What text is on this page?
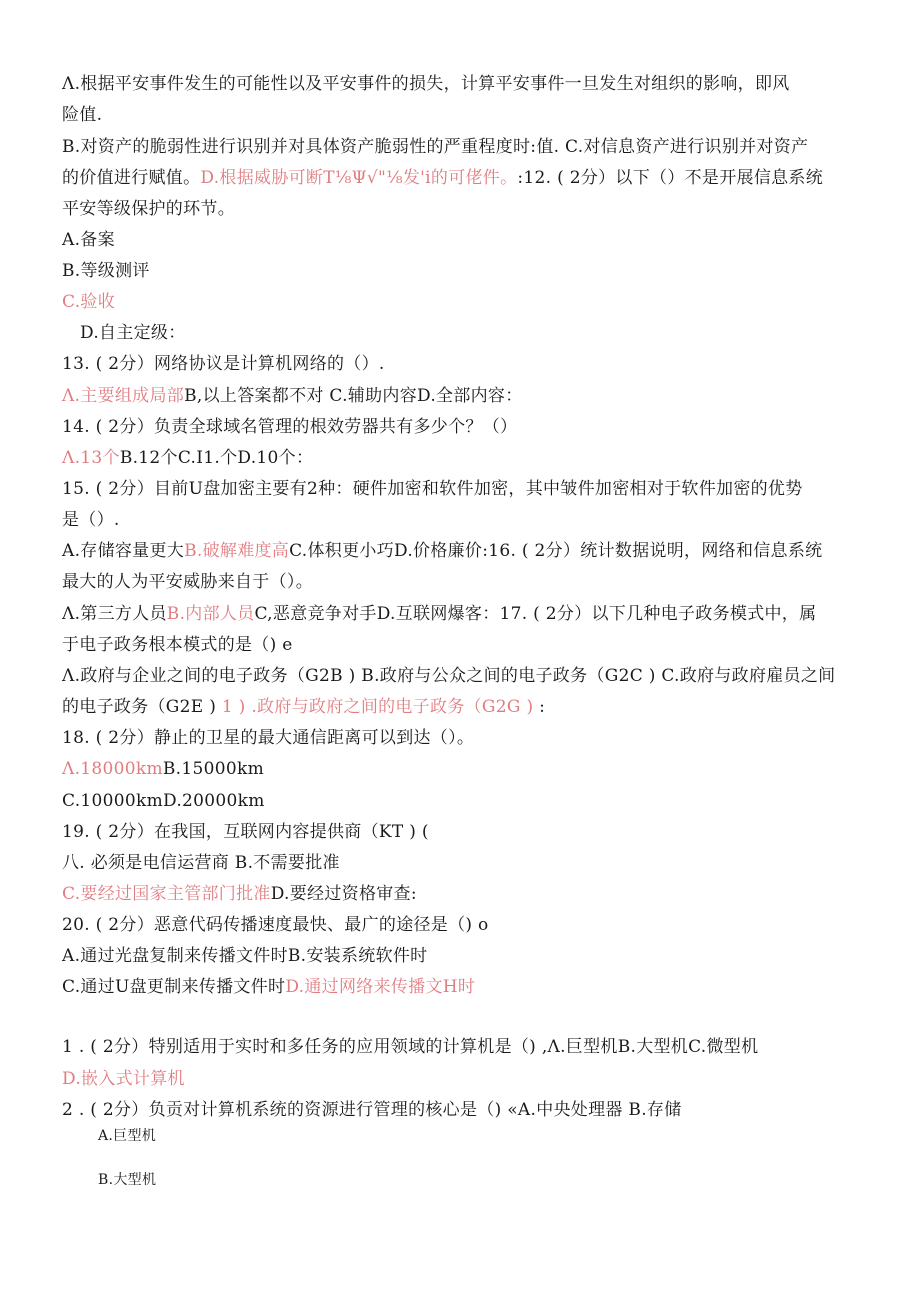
Λ.根据平安事件发生的可能性以及平安事件的损失，计算平安事件一旦发生对组织的影响，即风
险值.
B.对资产的脆弱性进行识别并对具体资产脆弱性的严重程度时:值. C.对信息资产进行识别并对资产
的价值进行赋值。D.根据威胁可断T⅛Ψ√"⅛发'i的可佬件。:12. ( 2分）以下（）不是开展信息系统
平安等级保护的环节。
A.备案
B.等级测评
C.验收
D.自主定级：
13. ( 2分）网络协议是计算机网络的（）.
Λ.主要组成局部B,以上答案都不对 C.辅助内容D.全部内容：
14. ( 2分）负责全球域名管理的根效劳器共有多少个？（）
Λ.13个B.12个C.I1.个D.10个：
15. ( 2分）目前U盘加密主要有2种：硬件加密和软件加密，其中皱件加密相对于软件加密的优势
是（）.
A.存储容量更大B.破解难度高C.体积更小巧D.价格廉价:16. ( 2分）统计数据说明，网络和信息系统
最大的人为平安威胁来自于（）。
Λ.第三方人员B.内部人员C,恶意竞争对手D.互联网爆客：17. ( 2分）以下几种电子政务模式中，属
于电子政务根本模式的是（) e
Λ.政府与企业之间的电子政务（G2B ) B.政府与公众之间的电子政务（G2C ) C.政府与政府雇员之间
的电子政务（G2E ) 1 ) .政府与政府之间的电子政务（G2G ) :
18. ( 2分）静止的卫星的最大通信距离可以到达（）。
Λ.18000kmB.15000km
C.10000kmD.20000km
19. ( 2分）在我国，互联网内容提供商（KT ) (
八. 必须是电信运营商 B.不需要批准
C.要经过国家主管部门批准D.要经过资格审查:
20. ( 2分）恶意代码传播速度最快、最广的途径是（) o
A.通过光盘复制来传播文件时B.安装系统软件时
C.通过U盘更制来传播文件时D.通过网络来传播文H时
1 . ( 2分）特别适用于实时和多任务的应用领域的计算机是（) ,Λ.巨型机B.大型机C.微型机
D.嵌入式计算机
2 . ( 2分）负贡对计算机系统的资源进行管理的核心是（) «A.中央处理器 B.存储
A.巨型机
B.大型机
